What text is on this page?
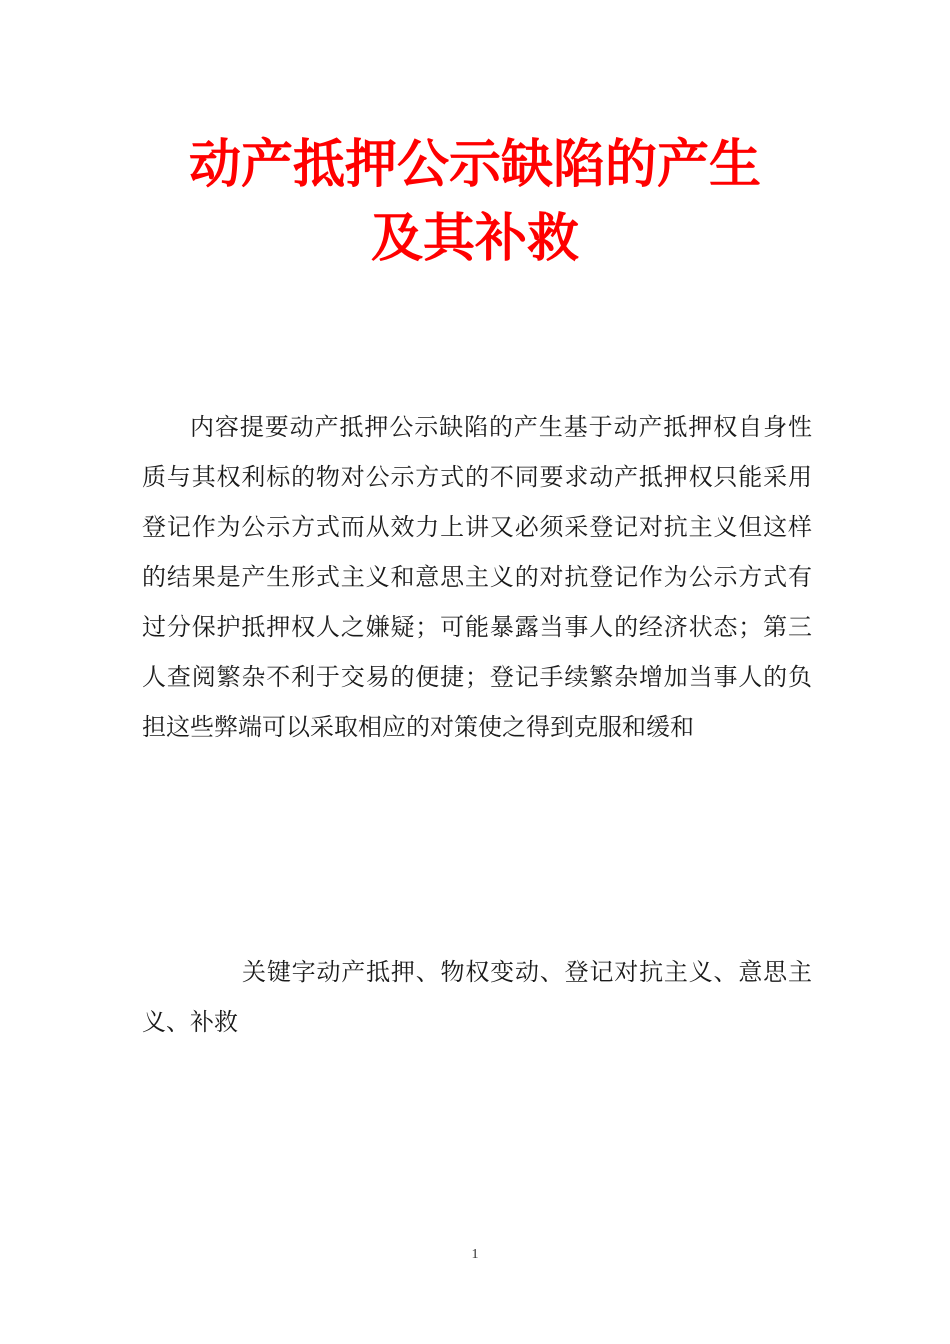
动产抵押公示缺陷的产生
及其补救

内容提要动产抵押公示缺陷的产生基于动产抵押权自身性质与其权利标的物对公示方式的不同要求动产抵押权只能采用登记作为公示方式而从效力上讲又必须采登记对抗主义但这样的结果是产生形式主义和意思主义的对抗登记作为公示方式有过分保护抵押权人之嫌疑；可能暴露当事人的经济状态；第三人查阅繁杂不利于交易的便捷；登记手续繁杂增加当事人的负担这些弊端可以采取相应的对策使之得到克服和缓和

关键字动产抵押、物权变动、登记对抗主义、意思主义、补救

1
